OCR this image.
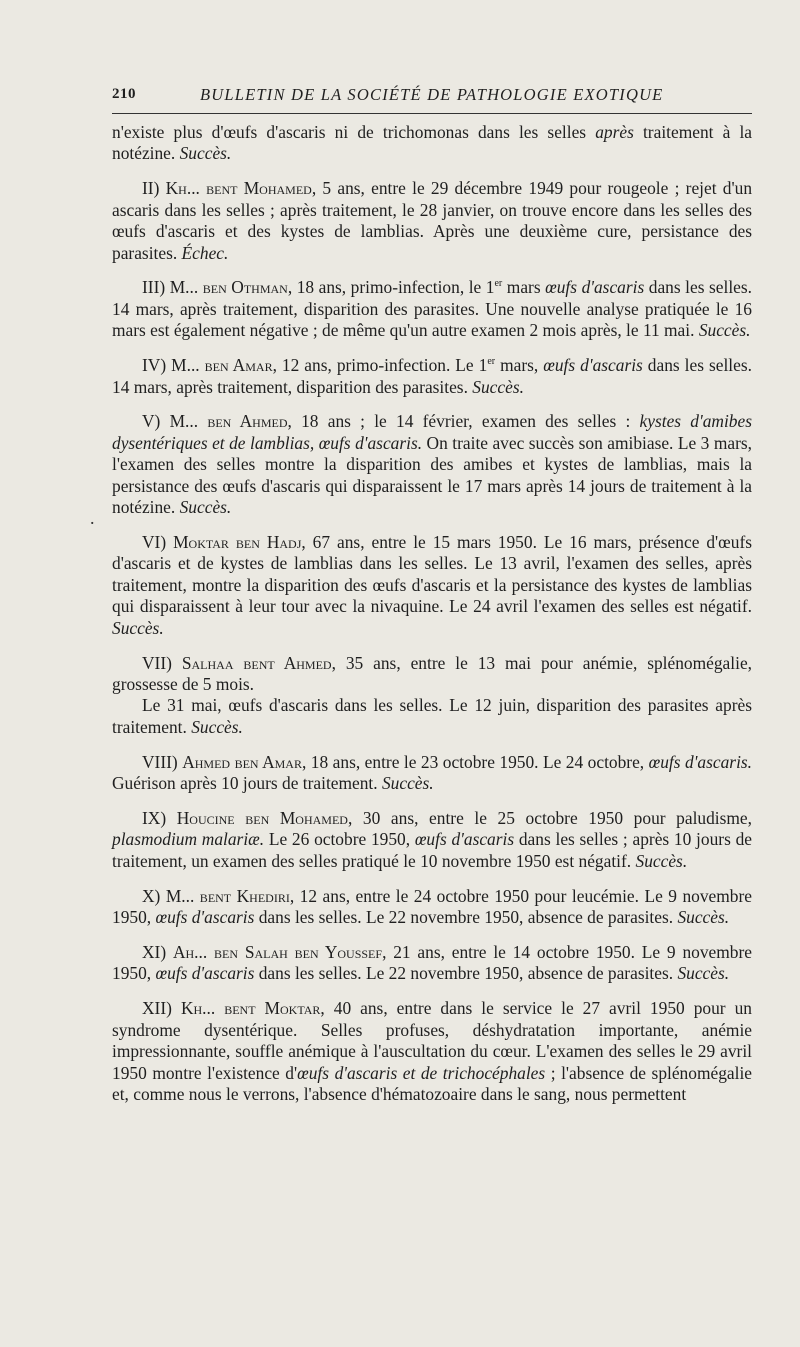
210	BULLETIN DE LA SOCIÉTÉ DE PATHOLOGIE EXOTIQUE
.

n'existe plus d'œufs d'ascaris ni de trichomonas dans les selles après traitement à la notézine. Succès.

II) Kh... bent Mohamed, 5 ans, entre le 29 décembre 1949 pour rougeole ; rejet d'un ascaris dans les selles ; après traitement, le 28 janvier, on trouve encore dans les selles des œufs d'ascaris et des kystes de lamblias. Après une deuxième cure, persistance des parasites. Échec.

III) M... ben Othman, 18 ans, primo-infection, le 1er mars œufs d'ascaris dans les selles. 14 mars, après traitement, disparition des parasites. Une nouvelle analyse pratiquée le 16 mars est également négative ; de même qu'un autre examen 2 mois après, le 11 mai. Succès.

IV) M... ben Amar, 12 ans, primo-infection. Le 1er mars, œufs d'ascaris dans les selles. 14 mars, après traitement, disparition des parasites. Succès.

V) M... ben Ahmed, 18 ans ; le 14 février, examen des selles : kystes d'amibes dysentériques et de lamblias, œufs d'ascaris. On traite avec succès son amibiase. Le 3 mars, l'examen des selles montre la disparition des amibes et kystes de lamblias, mais la persistance des œufs d'ascaris qui disparaissent le 17 mars après 14 jours de traitement à la notézine. Succès.

VI) Moktar ben Hadj, 67 ans, entre le 15 mars 1950. Le 16 mars, présence d'œufs d'ascaris et de kystes de lamblias dans les selles. Le 13 avril, l'examen des selles, après traitement, montre la disparition des œufs d'ascaris et la persistance des kystes de lamblias qui disparaissent à leur tour avec la nivaquine. Le 24 avril l'examen des selles est négatif. Succès.

VII) Salhaa bent Ahmed, 35 ans, entre le 13 mai pour anémie, splénomégalie, grossesse de 5 mois.

Le 31 mai, œufs d'ascaris dans les selles. Le 12 juin, disparition des parasites après traitement. Succès.

VIII) Ahmed ben Amar, 18 ans, entre le 23 octobre 1950. Le 24 octobre, œufs d'ascaris. Guérison après 10 jours de traitement. Succès.

IX) Houcine ben Mohamed, 30 ans, entre le 25 octobre 1950 pour paludisme, plasmodium malariæ. Le 26 octobre 1950, œufs d'ascaris dans les selles ; après 10 jours de traitement, un examen des selles pratiqué le 10 novembre 1950 est négatif. Succès.

X) M... bent Khediri, 12 ans, entre le 24 octobre 1950 pour leucémie. Le 9 novembre 1950, œufs d'ascaris dans les selles. Le 22 novembre 1950, absence de parasites. Succès.

XI) Ah... ben Salah ben Youssef, 21 ans, entre le 14 octobre 1950. Le 9 novembre 1950, œufs d'ascaris dans les selles. Le 22 novembre 1950, absence de parasites. Succès.

XII) Kh... bent Moktar, 40 ans, entre dans le service le 27 avril 1950 pour un syndrome dysentérique. Selles profuses, déshydratation importante, anémie impressionnante, souffle anémique à l'auscultation du cœur. L'examen des selles le 29 avril 1950 montre l'existence d'œufs d'ascaris et de trichocéphales ; l'absence de splénomégalie et, comme nous le verrons, l'absence d'hématozoaire dans le sang, nous permettent
